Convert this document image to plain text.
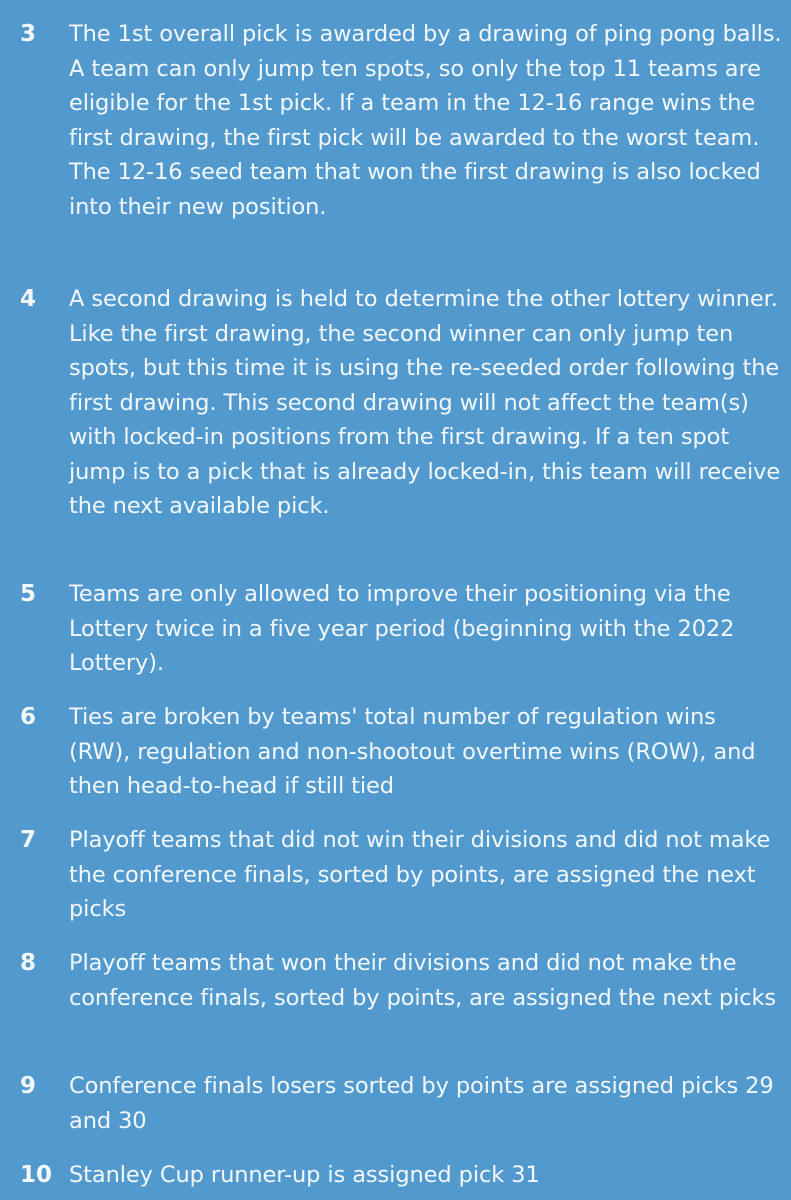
3 The 1st overall pick is awarded by a drawing of ping pong balls. A team can only jump ten spots, so only the top 11 teams are eligible for the 1st pick. If a team in the 12-16 range wins the first drawing, the first pick will be awarded to the worst team. The 12-16 seed team that won the first drawing is also locked into their new position.
4 A second drawing is held to determine the other lottery winner. Like the first drawing, the second winner can only jump ten spots, but this time it is using the re-seeded order following the first drawing. This second drawing will not affect the team(s) with locked-in positions from the first drawing. If a ten spot jump is to a pick that is already locked-in, this team will receive the next available pick.
5 Teams are only allowed to improve their positioning via the Lottery twice in a five year period (beginning with the 2022 Lottery).
6 Ties are broken by teams' total number of regulation wins (RW), regulation and non-shootout overtime wins (ROW), and then head-to-head if still tied
7 Playoff teams that did not win their divisions and did not make the conference finals, sorted by points, are assigned the next picks
8 Playoff teams that won their divisions and did not make the conference finals, sorted by points, are assigned the next picks
9 Conference finals losers sorted by points are assigned picks 29 and 30
10 Stanley Cup runner-up is assigned pick 31
